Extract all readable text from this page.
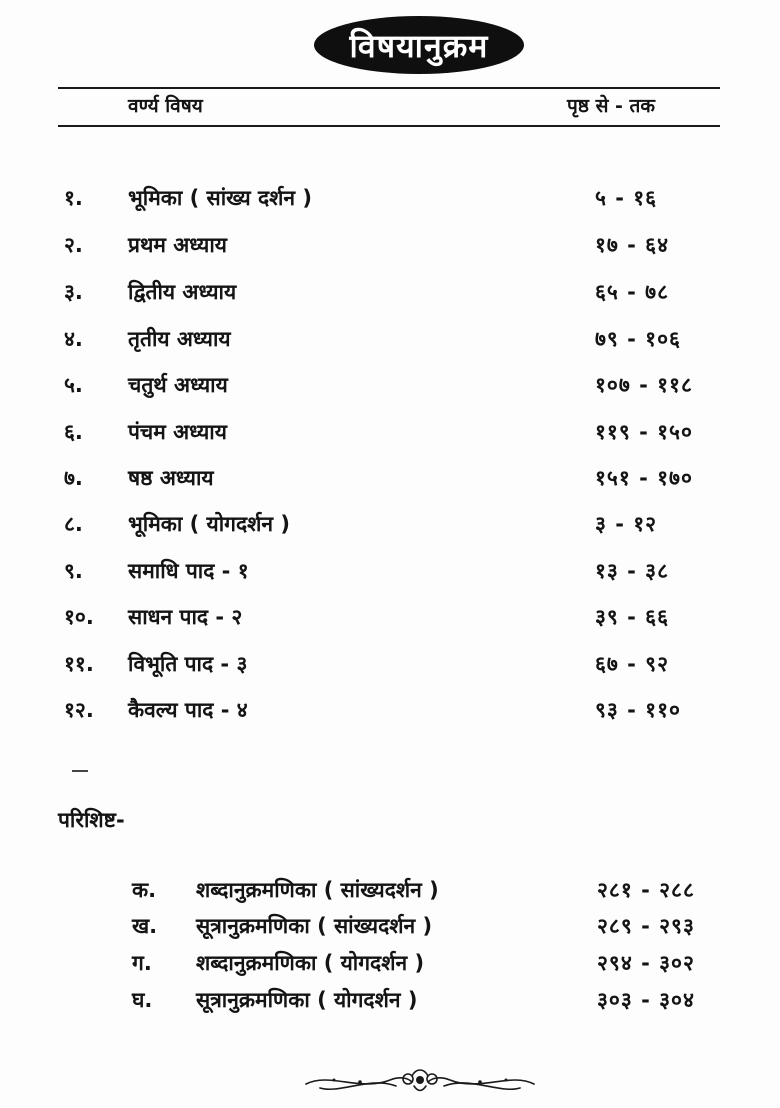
विषयानुक्रम
वर्ण्य विषय	पृष्ठ से - तक
१. भूमिका ( सांख्य दर्शन )	५ - १६
२. प्रथम अध्याय	१७ - ६४
३. द्वितीय अध्याय	६५ - ७८
४. तृतीय अध्याय	७९ - १०६
५. चतुर्थ अध्याय	१०७ - ११८
६. पंचम अध्याय	११९ - १५०
७. षष्ठ अध्याय	१५१ - १७०
८. भूमिका ( योगदर्शन )	३ - १२
९. समाधि पाद - १	१३ - ३८
१०. साधन पाद - २	३९ - ६६
११. विभूति पाद - ३	६७ - ९२
१२. कैवल्य पाद - ४	९३ - ११०
परिशिष्ट-
क. शब्दानुक्रमणिका ( सांख्यदर्शन )	२८१ - २८८
ख. सूत्रानुक्रमणिका ( सांख्यदर्शन )	२८९ - २९३
ग. शब्दानुक्रमणिका ( योगदर्शन )	२९४ - ३०२
घ. सूत्रानुक्रमणिका ( योगदर्शन )	३०३ - ३०४
